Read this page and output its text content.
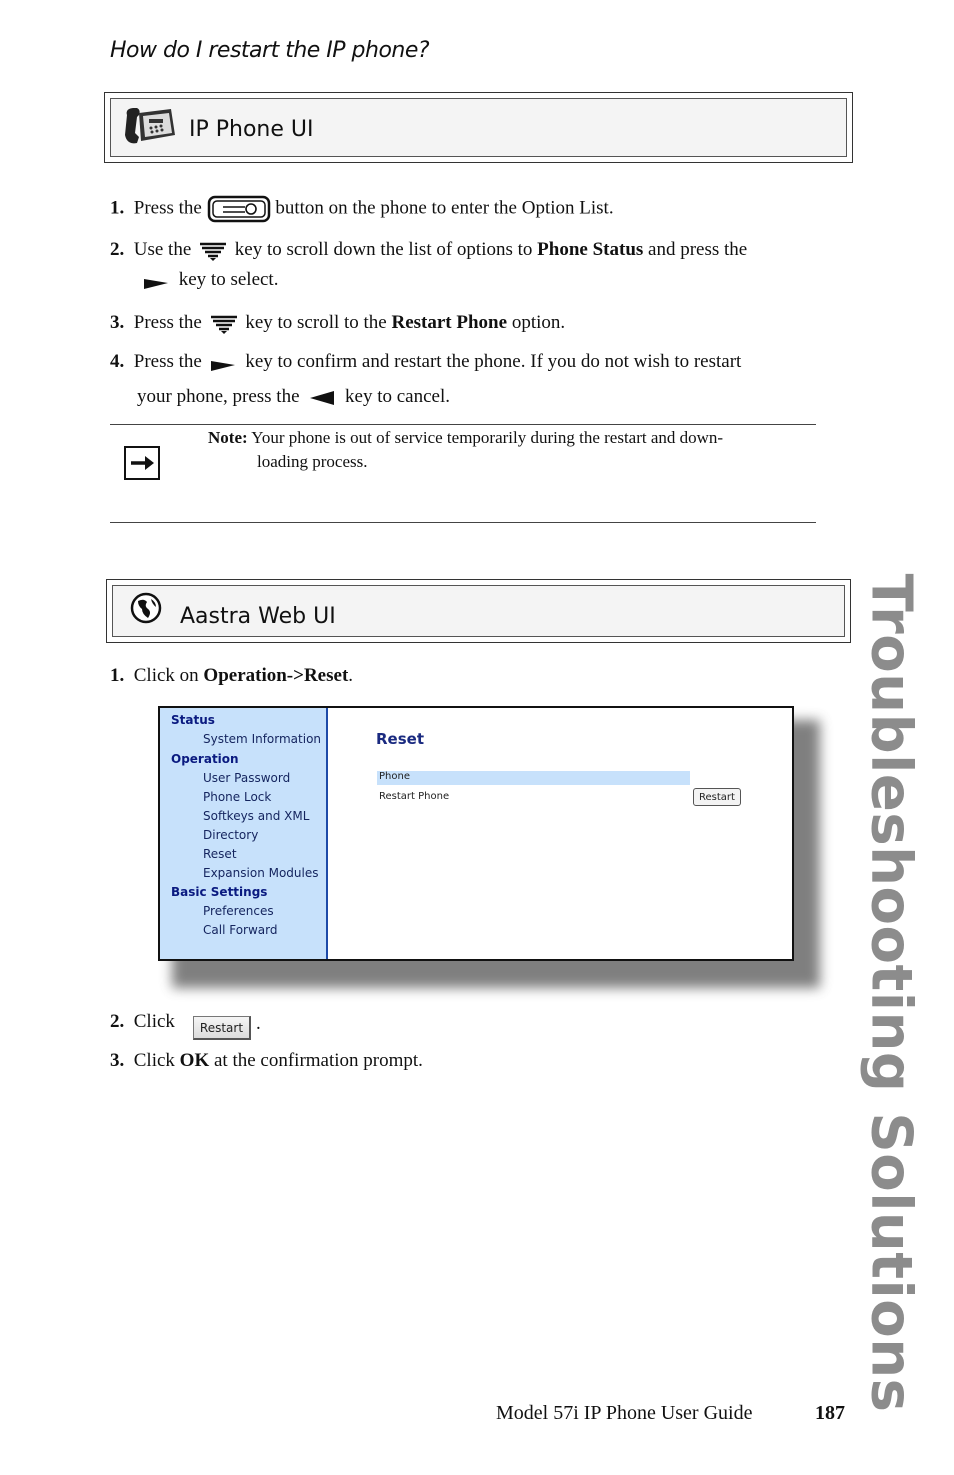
How do I restart the IP phone?
IP Phone UI
1. Press the	button on the phone to enter the Option List.
2. Use the key to scroll down the list of options to Phone Status and press the
key to select.
3. Press the key to scroll to the Restart Phone option.
4. Press the key to confirm and restart the phone. If you do not wish to restart
your phone, press the key to cancel.
Note: Your phone is out of service temporarily during the restart and down-
loading process.
Aastra Web UI
1. Click on Operation->Reset.
Status
System Information
Operation
User Password
Phone Lock
Softkeys and XML
Directory
Reset
Expansion Modules
Basic Settings
Preferences
Call Forward
Reset
Phone
Restart Phone	Restart
2. Click	Restart .
3. Click OK at the confirmation prompt.	Troubleshooting Solutions
Model 57i IP Phone User Guide	187
